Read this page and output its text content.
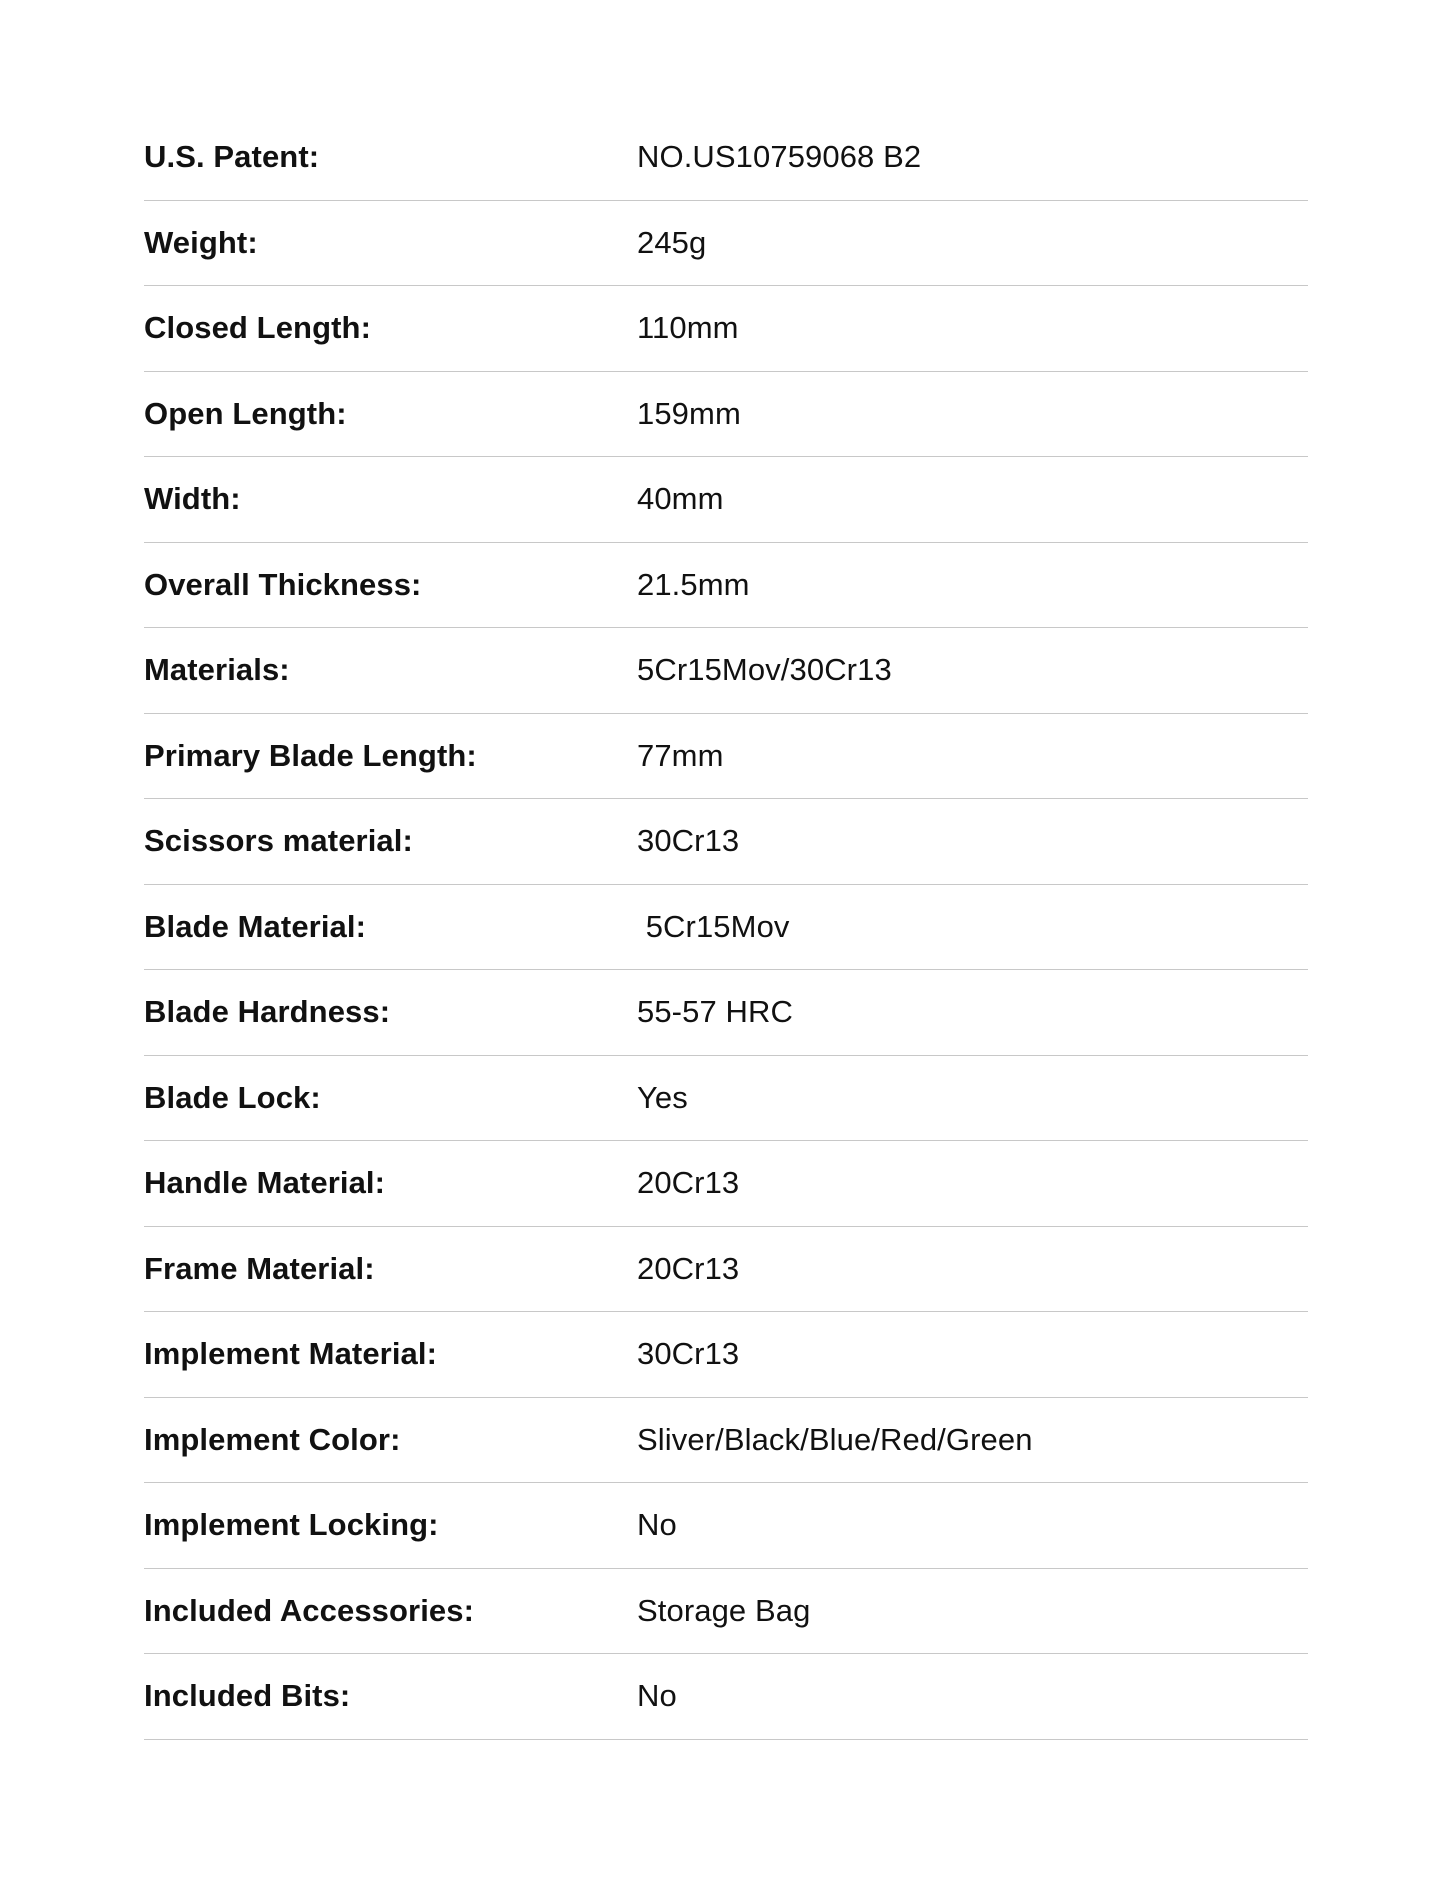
U.S. Patent:	NO.US10759068 B2
Weight:	245g
Closed Length:	110mm
Open Length:	159mm
Width:	40mm
Overall Thickness:	21.5mm
Materials:	5Cr15Mov/30Cr13
Primary Blade Length:	77mm
Scissors material:	30Cr13
Blade Material:	5Cr15Mov
Blade Hardness:	55-57 HRC
Blade Lock:	Yes
Handle Material:	20Cr13
Frame Material:	20Cr13
Implement Material:	30Cr13
Implement Color:	Sliver/Black/Blue/Red/Green
Implement Locking:	No
Included Accessories:	Storage Bag
Included Bits:	No
